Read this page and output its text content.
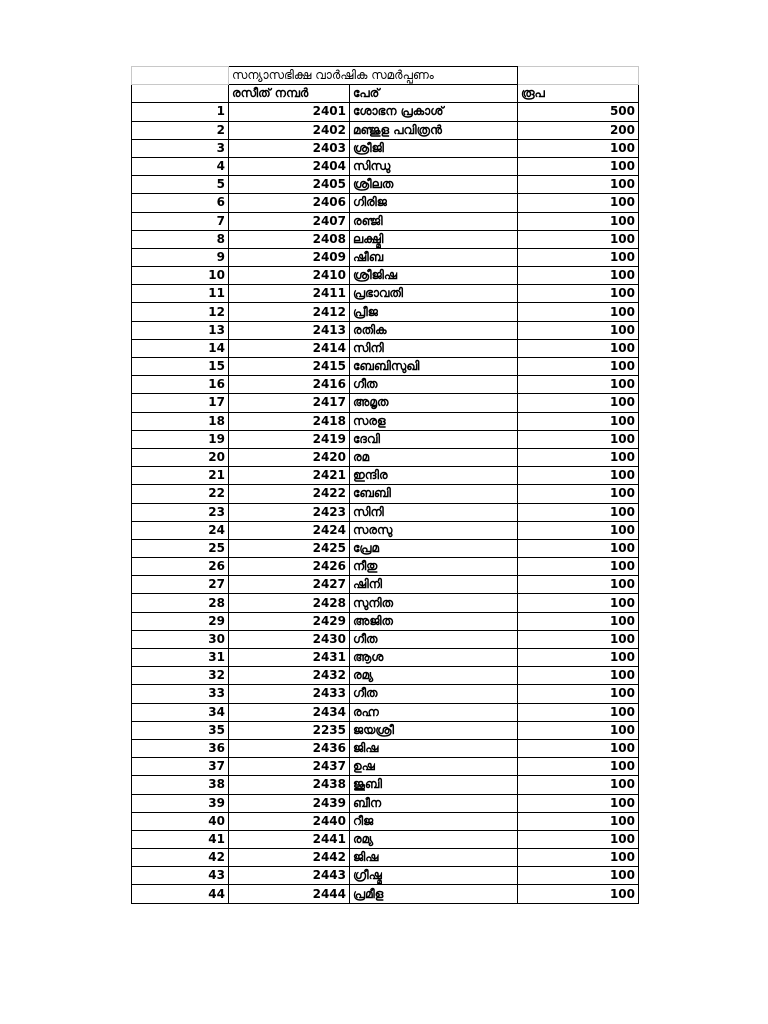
	സന്യാസഭിക്ഷ വാർഷിക സമർപ്പണം		
	രസീത് നമ്പർ	പേര്	രൂപ
1	2401	ശോഭന പ്രകാശ്	500
2	2402	മഞ്ജുള പവിത്രൻ	200
3	2403	ശ്രീജി	100
4	2404	സിന്ധു	100
5	2405	ശ്രീലത	100
6	2406	ഗിരിജ	100
7	2407	രഞ്ജി	100
8	2408	ലക്ഷ്മി	100
9	2409	ഷീബ	100
10	2410	ശ്രീജിഷ	100
11	2411	പ്രഭാവതി	100
12	2412	പ്രീജ	100
13	2413	രതിക	100
14	2414	സിനി	100
15	2415	ബേബിസുഖി	100
16	2416	ഗീത	100
17	2417	അമൃത	100
18	2418	സരള	100
19	2419	ദേവി	100
20	2420	രമ	100
21	2421	ഇന്ദിര	100
22	2422	ബേബി	100
23	2423	സിനി	100
24	2424	സരസു	100
25	2425	പ്രേമ	100
26	2426	നീതു	100
27	2427	ഷിനി	100
28	2428	സുനിത	100
29	2429	അജിത	100
30	2430	ഗീത	100
31	2431	ആശ	100
32	2432	രമ്യ	100
33	2433	ഗീത	100
34	2434	രഹ്ന	100
35	2235	ജയശ്രീ	100
36	2436	ജിഷ	100
37	2437	ഉഷ	100
38	2438	ജൂബി	100
39	2439	ബീന	100
40	2440	റീജ	100
41	2441	രമ്യ	100
42	2442	ജിഷ	100
43	2443	ഗ്രീഷ്മ	100
44	2444	പ്രമീള	100
